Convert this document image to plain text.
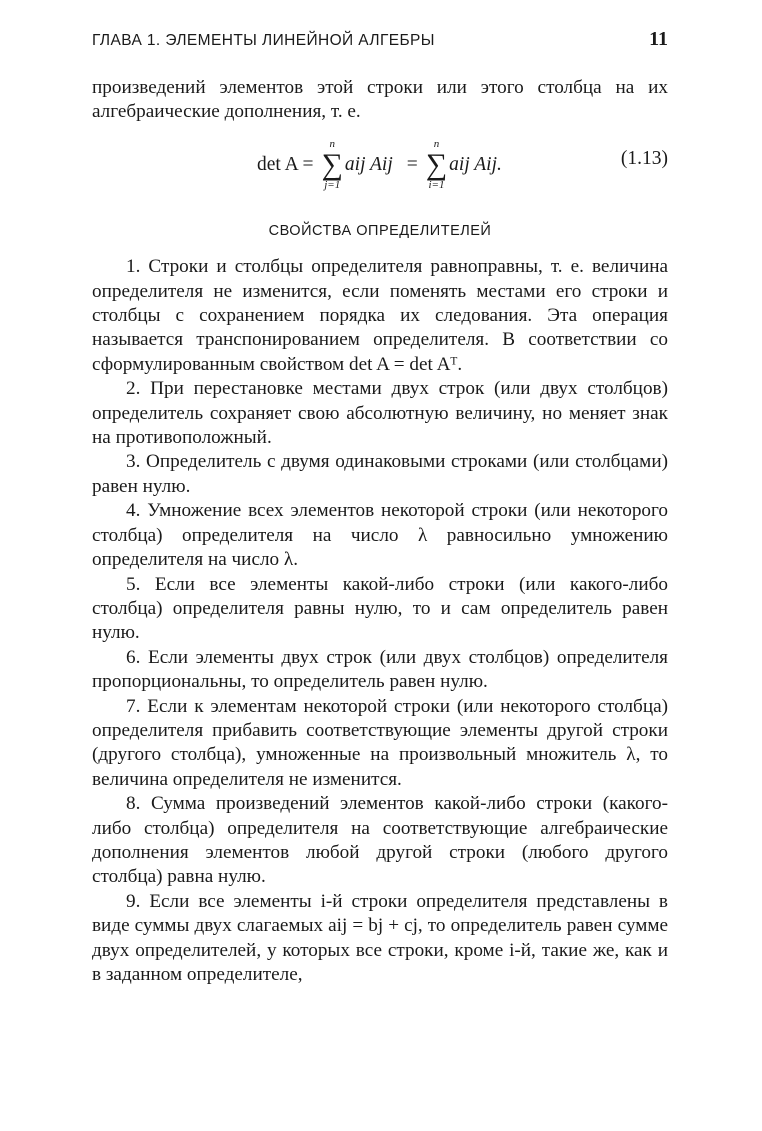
ГЛАВА 1. ЭЛЕМЕНТЫ ЛИНЕЙНОЙ АЛГЕБРЫ	11

произведений элементов этой строки или этого столбца на их алгебраические дополнения, т. е.

det A =
n
∑
j=1
aij Aij =
n
∑
i=1
aij Aij.	(1.13)
СВОЙСТВА ОПРЕДЕЛИТЕЛЕЙ

1. Строки и столбцы определителя равноправны, т. е. величина определителя не изменится, если поменять местами его строки и столбцы с сохранением порядка их следования. Эта операция называется транспонированием определителя. В соответствии со сформулированным свойством det A = det Aᵀ.

2. При перестановке местами двух строк (или двух столбцов) определитель сохраняет свою абсолютную величину, но меняет знак на противоположный.

3. Определитель с двумя одинаковыми строками (или столбцами) равен нулю.

4. Умножение всех элементов некоторой строки (или некоторого столбца) определителя на число λ равносильно умножению определителя на число λ.

5. Если все элементы какой-либо строки (или какого-либо столбца) определителя равны нулю, то и сам определитель равен нулю.

6. Если элементы двух строк (или двух столбцов) определителя пропорциональны, то определитель равен нулю.

7. Если к элементам некоторой строки (или некоторого столбца) определителя прибавить соответствующие элементы другой строки (другого столбца), умноженные на произвольный множитель λ, то величина определителя не изменится.

8. Сумма произведений элементов какой-либо строки (какого-либо столбца) определителя на соответствующие алгебраические дополнения элементов любой другой строки (любого другого столбца) равна нулю.

9. Если все элементы i-й строки определителя представлены в виде суммы двух слагаемых aij = bj + cj, то определитель равен сумме двух определителей, у которых все строки, кроме i-й, такие же, как и в заданном определителе,
